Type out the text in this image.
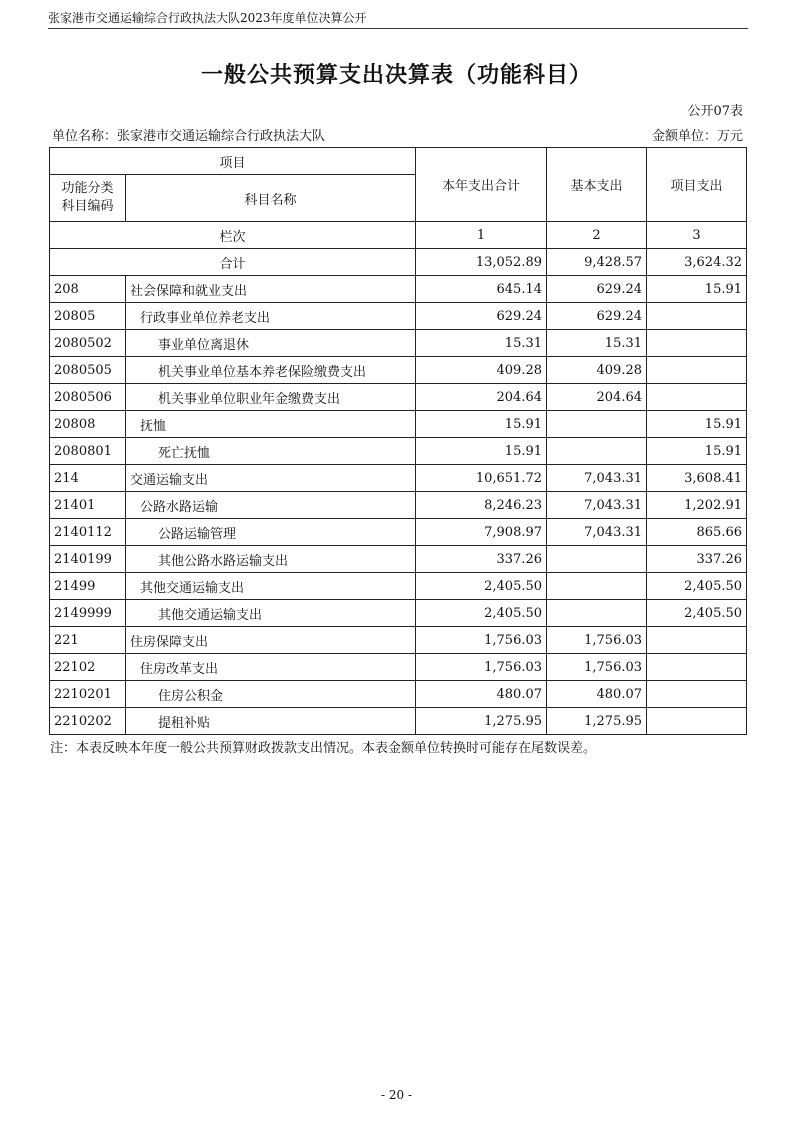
张家港市交通运输综合行政执法大队2023年度单位决算公开
一般公共预算支出决算表（功能科目）
公开07表
单位名称：张家港市交通运输综合行政执法大队	金额单位：万元
项目		本年支出合计	基本支出	项目支出
功能分类科目编码	科目名称			
栏次		1	2	3
合计		13,052.89	9,428.57	3,624.32
208	社会保障和就业支出	645.14	629.24	15.91
20805	行政事业单位养老支出	629.24	629.24	
2080502	事业单位离退休	15.31	15.31	
2080505	机关事业单位基本养老保险缴费支出	409.28	409.28	
2080506	机关事业单位职业年金缴费支出	204.64	204.64	
20808	抚恤	15.91		15.91
2080801	死亡抚恤	15.91		15.91
214	交通运输支出	10,651.72	7,043.31	3,608.41
21401	公路水路运输	8,246.23	7,043.31	1,202.91
2140112	公路运输管理	7,908.97	7,043.31	865.66
2140199	其他公路水路运输支出	337.26		337.26
21499	其他交通运输支出	2,405.50		2,405.50
2149999	其他交通运输支出	2,405.50		2,405.50
221	住房保障支出	1,756.03	1,756.03	
22102	住房改革支出	1,756.03	1,756.03	
2210201	住房公积金	480.07	480.07	
2210202	提租补贴	1,275.95	1,275.95	
注：本表反映本年度一般公共预算财政拨款支出情况。本表金额单位转换时可能存在尾数误差。
- 20 -
